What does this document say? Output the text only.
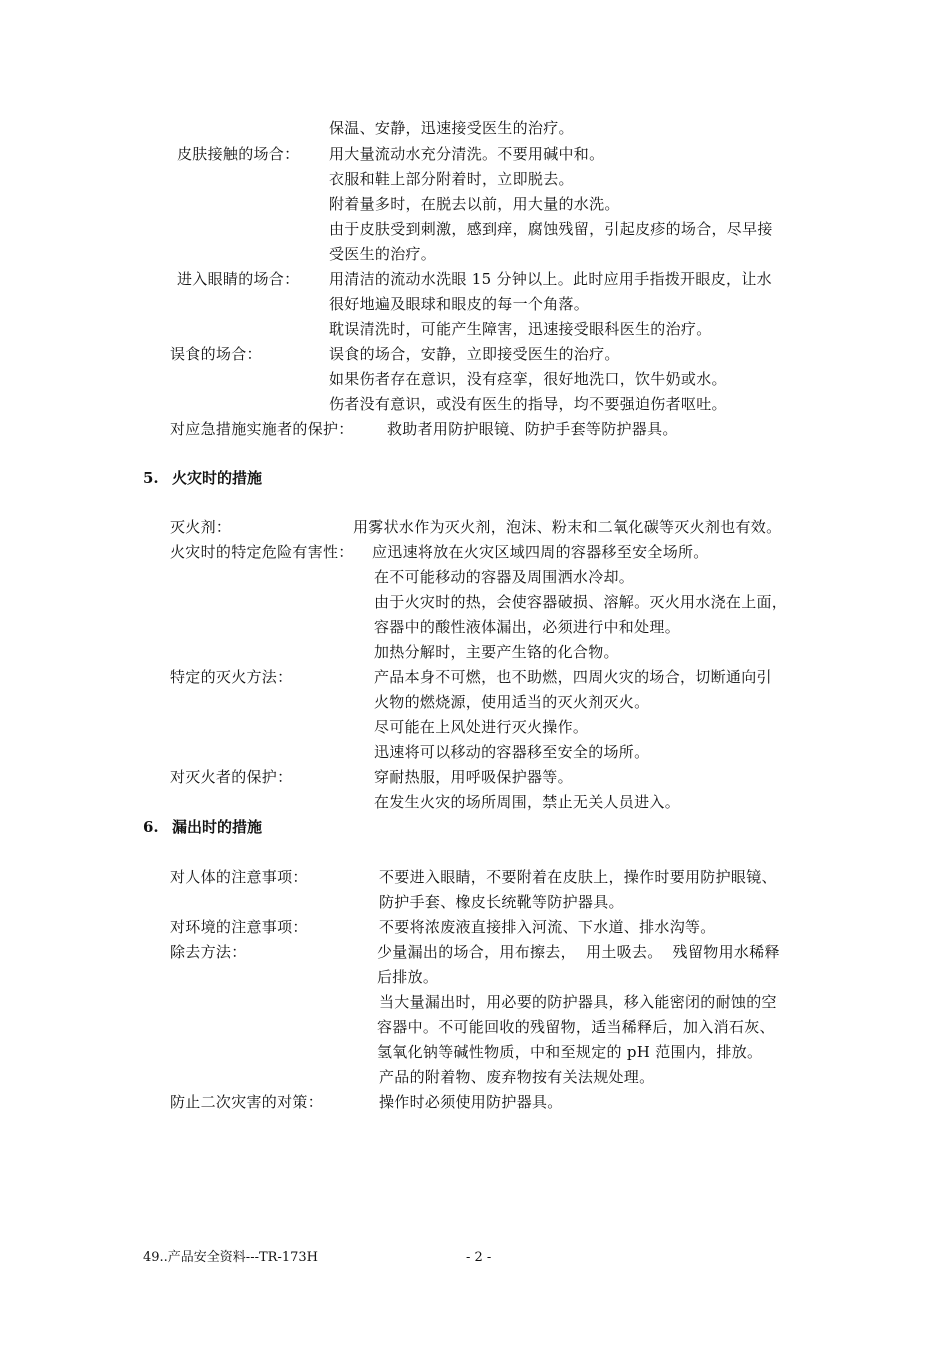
保温、安静，迅速接受医生的治疗。
皮肤接触的场合： 用大量流动水充分清洗。不要用碱中和。
衣服和鞋上部分附着时，立即脱去。
附着量多时，在脱去以前，用大量的水洗。
由于皮肤受到刺激，感到痒，腐蚀残留，引起皮疹的场合，尽早接
受医生的治疗。
进入眼睛的场合： 用清洁的流动水洗眼 15 分钟以上。此时应用手指拨开眼皮，让水
很好地遍及眼球和眼皮的每一个角落。
耽误清洗时，可能产生障害，迅速接受眼科医生的治疗。
误食的场合：	误食的场合，安静，立即接受医生的治疗。
如果伤者存在意识，没有痉挛，很好地洗口，饮牛奶或水。
伤者没有意识，或没有医生的指导，均不要强迫伤者呕吐。
对应急措施实施者的保护： 救助者用防护眼镜、防护手套等防护器具。
5. 火灾时的措施
灭火剂：	用雾状水作为灭火剂，泡沫、粉末和二氧化碳等灭火剂也有效。
火灾时的特定危险有害性： 应迅速将放在火灾区域四周的容器移至安全场所。
在不可能移动的容器及周围洒水冷却。
由于火灾时的热，会使容器破损、溶解。灭火用水浇在上面，
容器中的酸性液体漏出，必须进行中和处理。
加热分解时，主要产生铬的化合物。
特定的灭火方法：	产品本身不可燃，也不助燃，四周火灾的场合，切断通向引
火物的燃烧源，使用适当的灭火剂灭火。
尽可能在上风处进行灭火操作。
迅速将可以移动的容器移至安全的场所。
对灭火者的保护：	穿耐热服，用呼吸保护器等。
在发生火灾的场所周围，禁止无关人员进入。
6. 漏出时的措施
对人体的注意事项：	不要进入眼睛，不要附着在皮肤上，操作时要用防护眼镜、
防护手套、橡皮长统靴等防护器具。
对环境的注意事项：	不要将浓废液直接排入河流、下水道、排水沟等。
除去方法：	少量漏出的场合，用布擦去，  用土吸去。  残留物用水稀释
后排放。
当大量漏出时，用必要的防护器具，移入能密闭的耐蚀的空
容器中。不可能回收的残留物，适当稀释后，加入消石灰、
氢氧化钠等碱性物质，中和至规定的 pH 范围内，排放。
产品的附着物、废弃物按有关法规处理。
防止二次灾害的对策：	操作时必须使用防护器具。
49..产品安全资料---TR-173H	- 2 -
